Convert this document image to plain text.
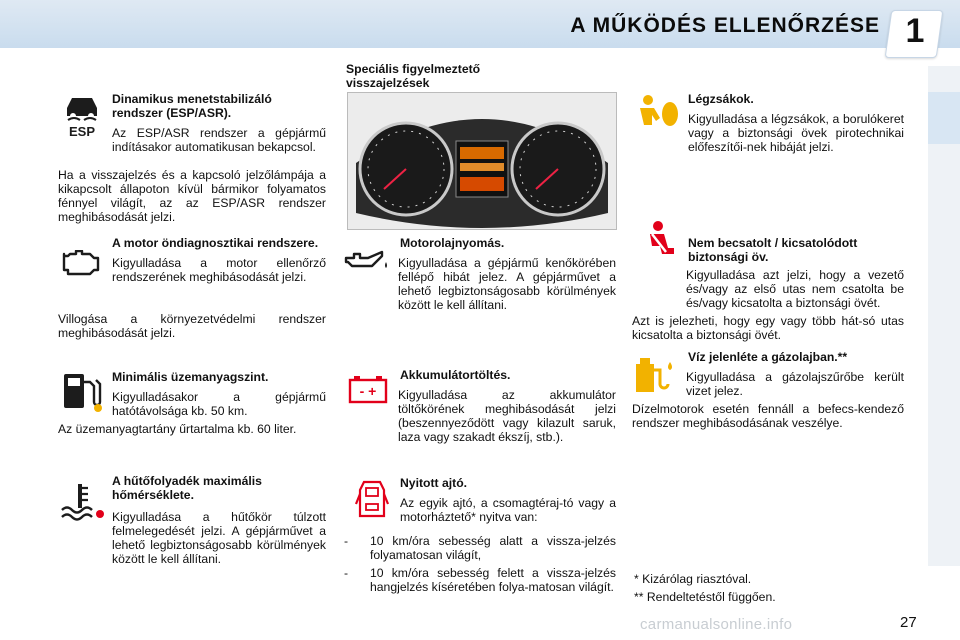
A MŰKÖDÉS ELLENŐRZÉSE 1
ESP

Dinamikus menetstabilizáló rendszer (ESP/ASR).

Az ESP/ASR rendszer a gépjármű indításakor automatikusan bekapcsol.

Ha a visszajelzés és a kapcsoló jelzőlámpája a kikapcsolt állapoton kívül bármikor folyamatos fénnyel világít, az az ESP/ASR rendszer meghibásodását jelzi.

A motor öndiagnosztikai rendszere.

Kigyulladása a motor ellenőrző rendszerének meghibásodását jelzi.

Villogása a környezetvédelmi rendszer meghibásodását jelzi.

Minimális üzemanyagszint.

Kigyulladásakor a gépjármű hatótávolsága kb. 50 km.

Az üzemanyagtartány űrtartalma kb. 60 liter.

A hűtőfolyadék maximális hőmérséklete.

Kigyulladása a hűtőkör túlzott felmelegedését jelzi. A gépjárművet a lehető legbiztonságosabb körülmények között le kell állítani.

Speciális figyelmeztető visszajelzések

Motorolajnyomás.

Kigyulladása a gépjármű kenőkörében fellépő hibát jelez. A gépjárművet a lehető legbiztonságosabb körülmények között le kell állítani.

- +

Akkumulátortöltés.

Kigyulladása az akkumulátor töltőkörének meghibásodását jelzi (beszennyeződött vagy kilazult saruk, laza vagy szakadt ékszíj, stb.).

Nyitott ajtó.

Az egyik ajtó, a csomagtéraj-tó vagy a motorháztető* nyitva van:

- 10 km/óra sebesség alatt a vissza-jelzés folyamatosan világít,
- 10 km/óra sebesség felett a vissza-jelzés hangjelzés kíséretében folya-matosan világít.

Légzsákok.

Kigyulladása a légzsákok, a borulókeret vagy a biztonsági övek pirotechnikai előfeszítői-nek hibáját jelzi.

Nem becsatolt / kicsatolódott biztonsági öv.

Kigyulladása azt jelzi, hogy a vezető és/vagy az első utas nem csatolta be és/vagy kicsatolta a biztonsági övét.

Azt is jelezheti, hogy egy vagy több hát-só utas kicsatolta a biztonsági övét.

Víz jelenléte a gázolajban.**

Kigyulladása a gázolajszűrőbe került vizet jelez.

Dízelmotorok esetén fennáll a befecs-kendező rendszer meghibásodásának veszélye.

* Kizárólag riasztóval.

** Rendeltetéstől függően.

carmanualsonline.info	27
